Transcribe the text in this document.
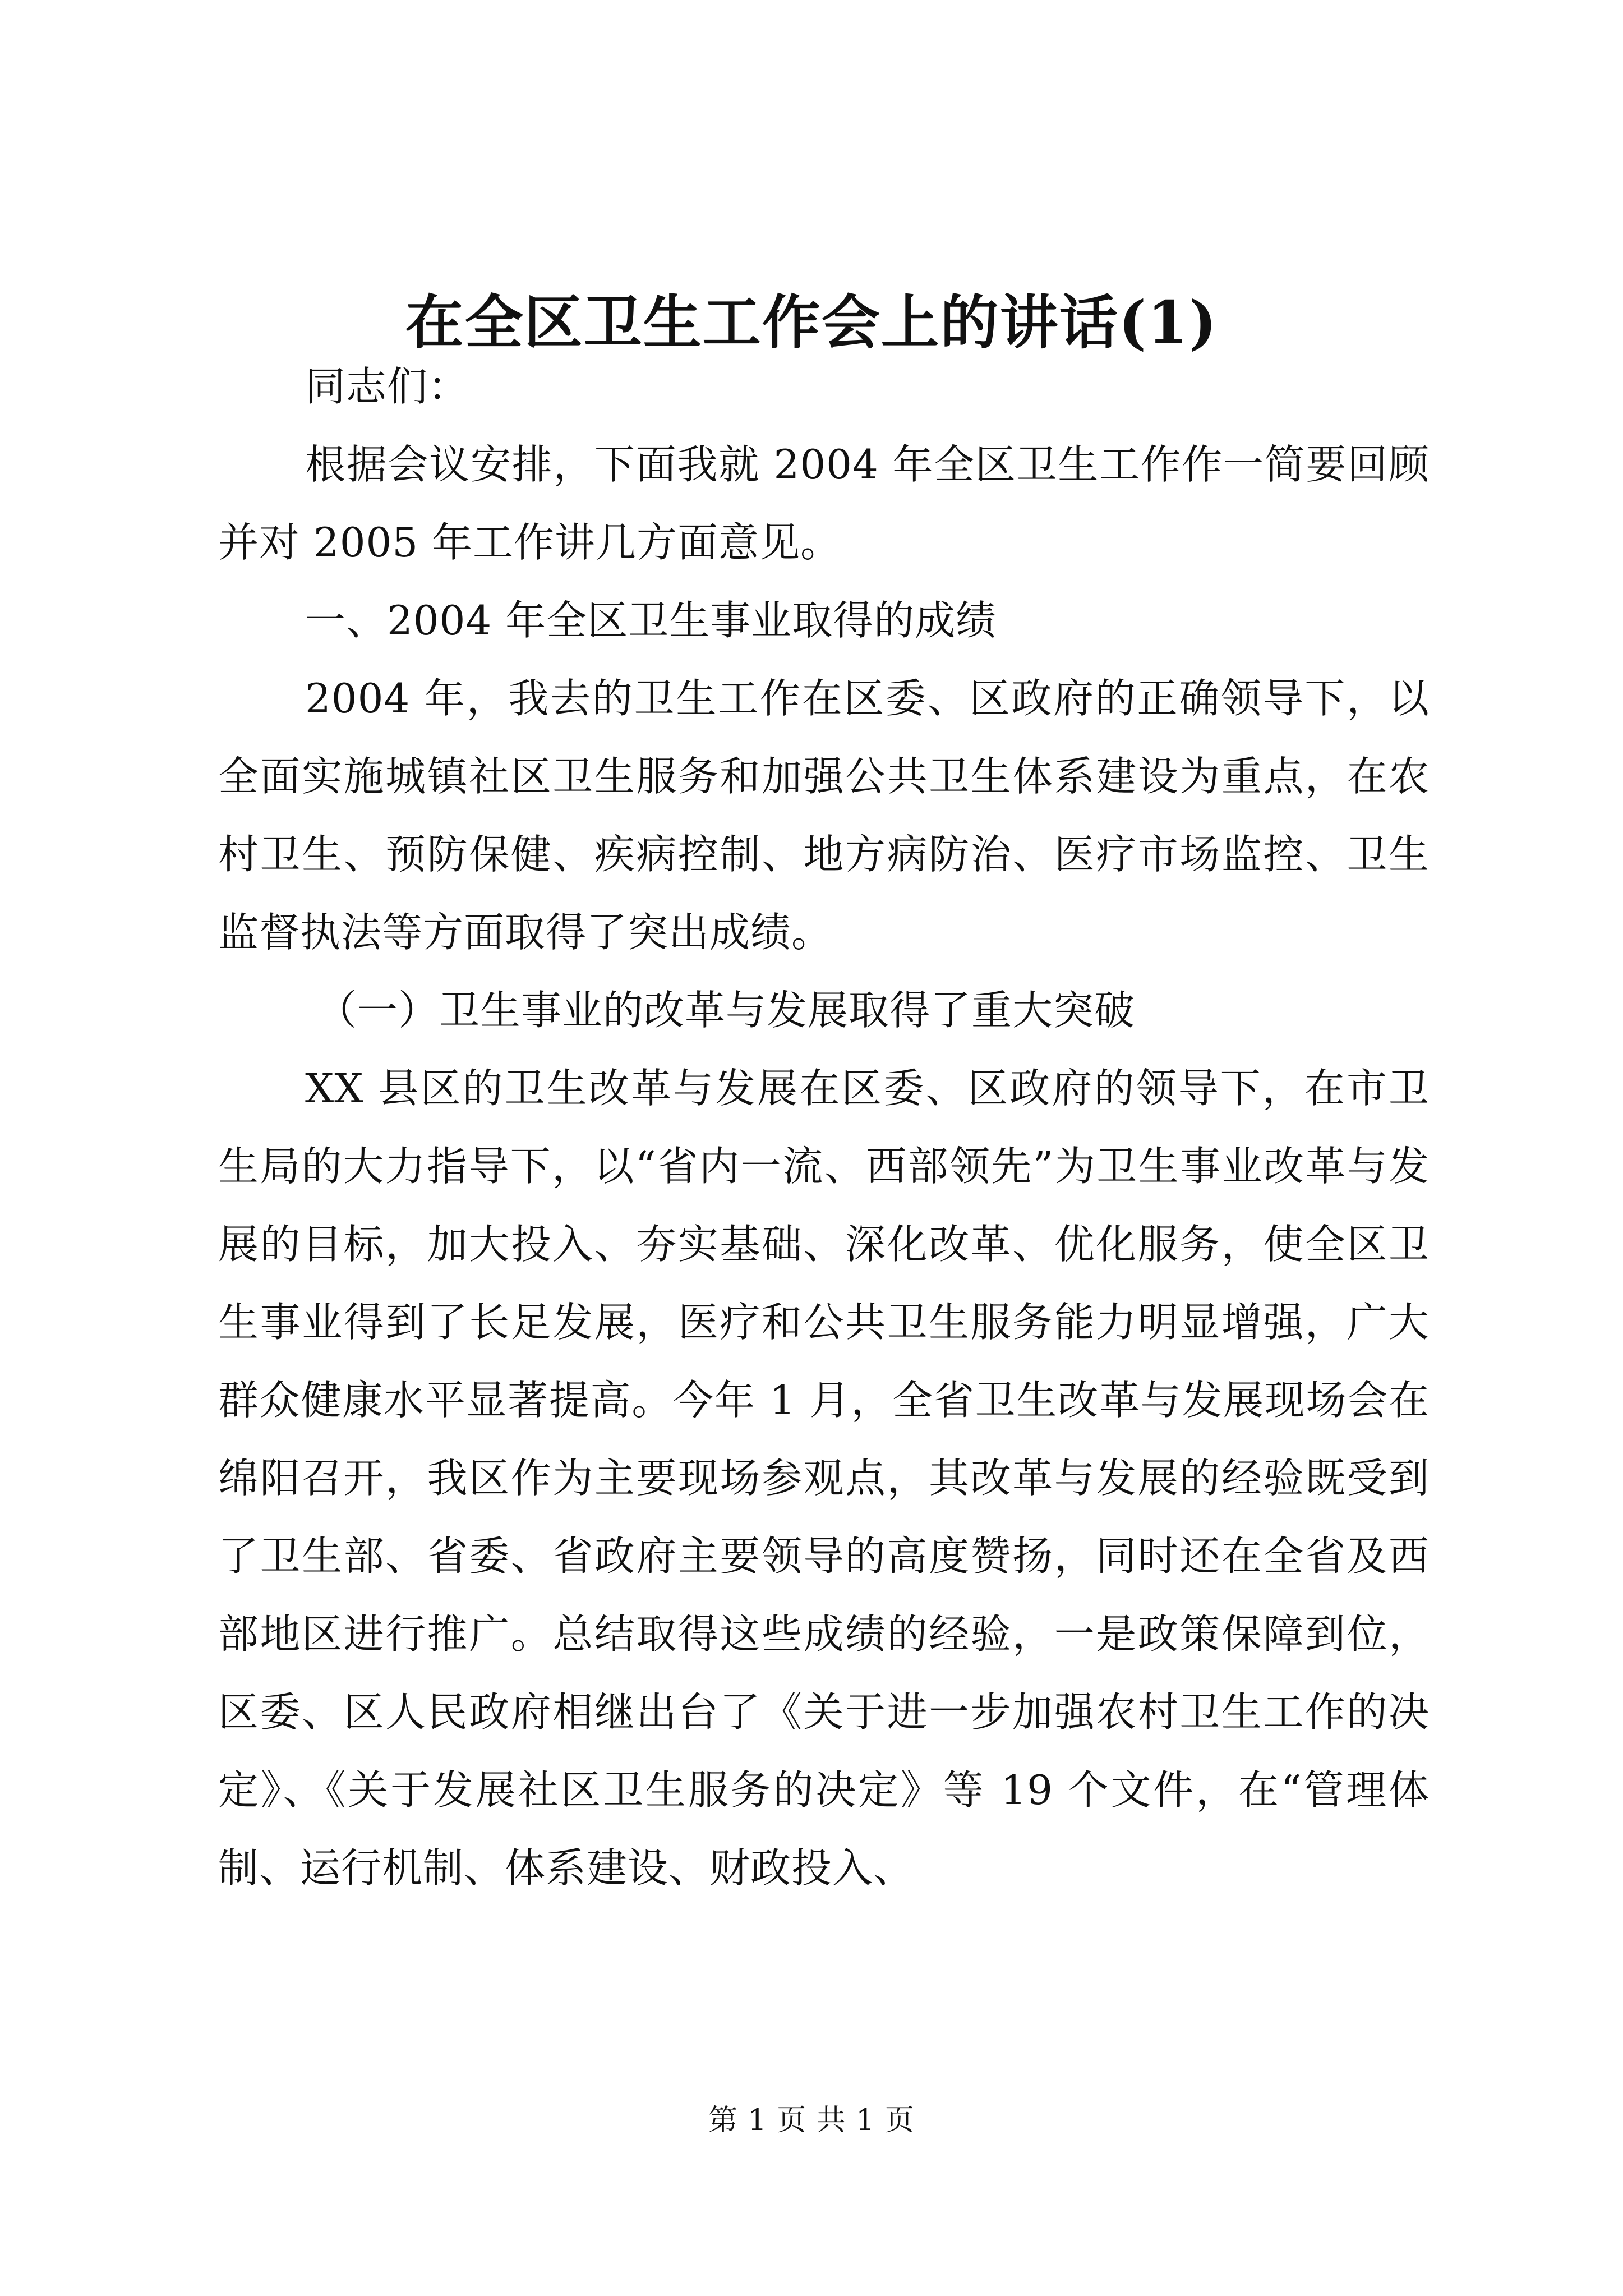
在全区卫生工作会上的讲话(1)

同志们：

根据会议安排，下面我就 2004 年全区卫生工作作一简要回顾并对 2005 年工作讲几方面意见。

一、2004 年全区卫生事业取得的成绩

2004 年，我去的卫生工作在区委、区政府的正确领导下，以全面实施城镇社区卫生服务和加强公共卫生体系建设为重点，在农村卫生、预防保健、疾病控制、地方病防治、医疗市场监控、卫生监督执法等方面取得了突出成绩。

（一）卫生事业的改革与发展取得了重大突破

XX 县区的卫生改革与发展在区委、区政府的领导下，在市卫生局的大力指导下，以“省内一流、西部领先”为卫生事业改革与发展的目标，加大投入、夯实基础、深化改革、优化服务，使全区卫生事业得到了长足发展，医疗和公共卫生服务能力明显增强，广大群众健康水平显著提高。今年 1 月，全省卫生改革与发展现场会在绵阳召开，我区作为主要现场参观点，其改革与发展的经验既受到了卫生部、省委、省政府主要领导的高度赞扬，同时还在全省及西部地区进行推广。总结取得这些成绩的经验，一是政策保障到位，区委、区人民政府相继出台了《关于进一步加强农村卫生工作的决定》、《关于发展社区卫生服务的决定》等 19 个文件，在“管理体制、运行机制、体系建设、财政投入、

第 1 页 共 1 页
